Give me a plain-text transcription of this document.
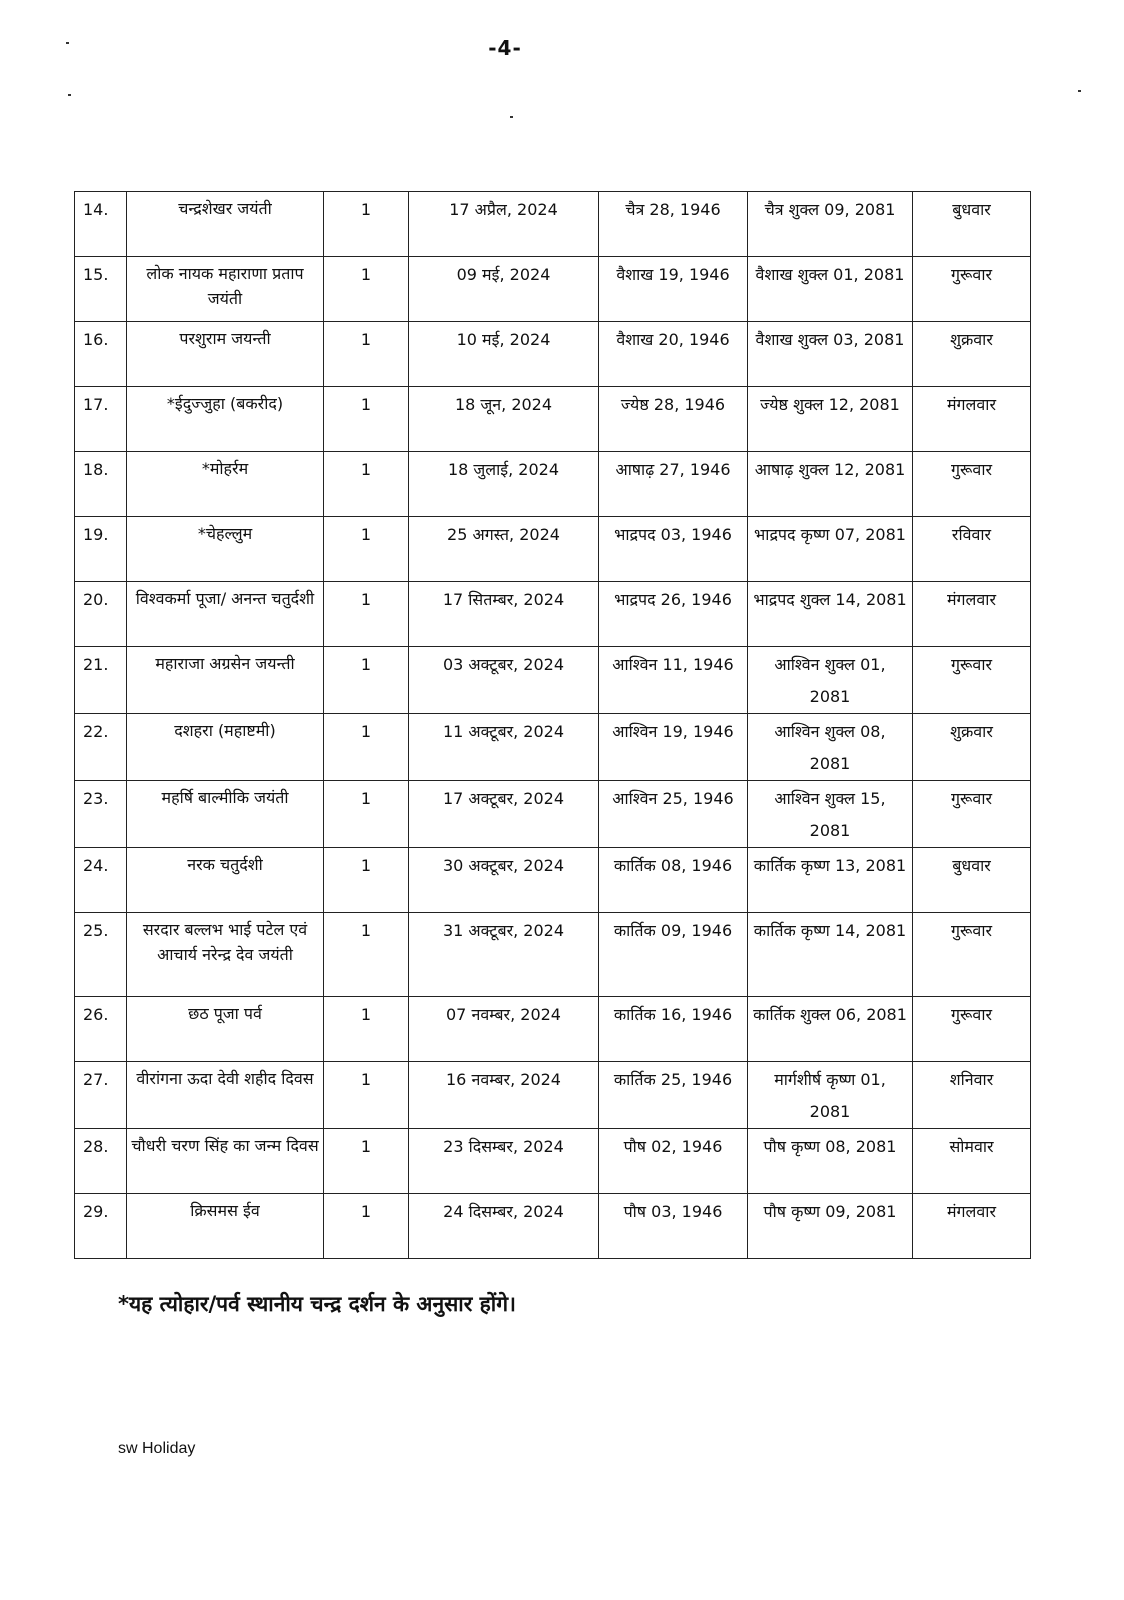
-4-
14.	चन्द्रशेखर जयंती	1	17 अप्रैल, 2024	चैत्र 28, 1946	चैत्र शुक्ल 09, 2081	बुधवार
15.	लोक नायक महाराणा प्रताप जयंती	1	09 मई, 2024	वैशाख 19, 1946	वैशाख शुक्ल 01, 2081	गुरूवार
16.	परशुराम जयन्ती	1	10 मई, 2024	वैशाख 20, 1946	वैशाख शुक्ल 03, 2081	शुक्रवार
17.	*ईदुज्जुहा (बकरीद)	1	18 जून, 2024	ज्येष्ठ 28, 1946	ज्येष्ठ शुक्ल 12, 2081	मंगलवार
18.	*मोहर्रम	1	18 जुलाई, 2024	आषाढ़ 27, 1946	आषाढ़ शुक्ल 12, 2081	गुरूवार
19.	*चेहल्लुम	1	25 अगस्त, 2024	भाद्रपद 03, 1946	भाद्रपद कृष्ण 07, 2081	रविवार
20.	विश्वकर्मा पूजा/ अनन्त चतुर्दशी	1	17 सितम्बर, 2024	भाद्रपद 26, 1946	भाद्रपद शुक्ल 14, 2081	मंगलवार
21.	महाराजा अग्रसेन जयन्ती	1	03 अक्टूबर, 2024	आश्विन 11, 1946	आश्विन शुक्ल 01, 2081	गुरूवार
22.	दशहरा (महाष्टमी)	1	11 अक्टूबर, 2024	आश्विन 19, 1946	आश्विन शुक्ल 08, 2081	शुक्रवार
23.	महर्षि बाल्मीकि जयंती	1	17 अक्टूबर, 2024	आश्विन 25, 1946	आश्विन शुक्ल 15, 2081	गुरूवार
24.	नरक चतुर्दशी	1	30 अक्टूबर, 2024	कार्तिक 08, 1946	कार्तिक कृष्ण 13, 2081	बुधवार
25.	सरदार बल्लभ भाई पटेल एवं आचार्य नरेन्द्र देव जयंती	1	31 अक्टूबर, 2024	कार्तिक 09, 1946	कार्तिक कृष्ण 14, 2081	गुरूवार
26.	छठ पूजा पर्व	1	07 नवम्बर, 2024	कार्तिक 16, 1946	कार्तिक शुक्ल 06, 2081	गुरूवार
27.	वीरांगना ऊदा देवी शहीद दिवस	1	16 नवम्बर, 2024	कार्तिक 25, 1946	मार्गशीर्ष कृष्ण 01, 2081	शनिवार
28.	चौधरी चरण सिंह का जन्म दिवस	1	23 दिसम्बर, 2024	पौष 02, 1946	पौष कृष्ण 08, 2081	सोमवार
29.	क्रिसमस ईव	1	24 दिसम्बर, 2024	पौष 03, 1946	पौष कृष्ण 09, 2081	मंगलवार
*यह त्योहार/पर्व स्थानीय चन्द्र दर्शन के अनुसार होंगे।
sw Holiday
